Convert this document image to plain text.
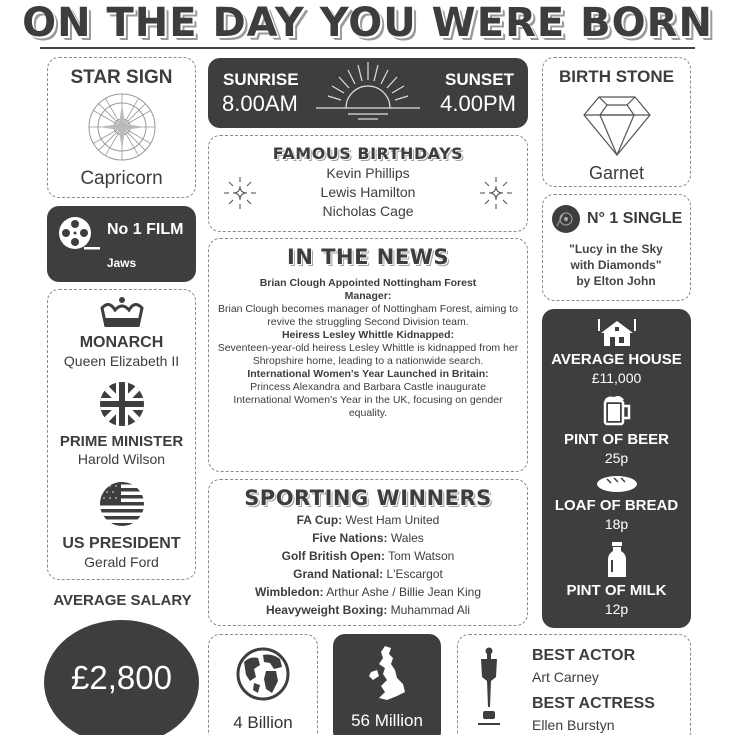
ON THE DAY YOU WERE BORN
STAR SIGN
Capricorn
SUNRISE
8.00AM
SUNSET
4.00PM
BIRTH STONE
Garnet
FAMOUS BIRTHDAYS
Kevin Phillips
Lewis Hamilton
Nicholas Cage
No 1 FILM
Jaws
N° 1 SINGLE
"Lucy in the Sky
with Diamonds"
by Elton John
MONARCH
Queen Elizabeth II
PRIME MINISTER
Harold Wilson
US PRESIDENT
Gerald Ford
IN THE NEWS

Brian Clough Appointed Nottingham Forest Manager:

Brian Clough becomes manager of Nottingham Forest, aiming to revive the struggling Second Division team.

Heiress Lesley Whittle Kidnapped:

Seventeen-year-old heiress Lesley Whittle is kidnapped from her Shropshire home, leading to a nationwide search.

International Women's Year Launched in Britain:

Princess Alexandra and Barbara Castle inaugurate International Women's Year in the UK, focusing on gender equality.

SPORTING WINNERS

FA Cup: West Ham United

Five Nations: Wales

Golf British Open: Tom Watson

Grand National: L'Escargot

Wimbledon: Arthur Ashe / Billie Jean King

Heavyweight Boxing: Muhammad Ali

AVERAGE HOUSE
£11,000
PINT OF BEER
25p
LOAF OF BREAD
18p
PINT OF MILK
12p
AVERAGE SALARY
£2,800
4 Billion	56 Million
BEST ACTOR
Art Carney
BEST ACTRESS
Ellen Burstyn
